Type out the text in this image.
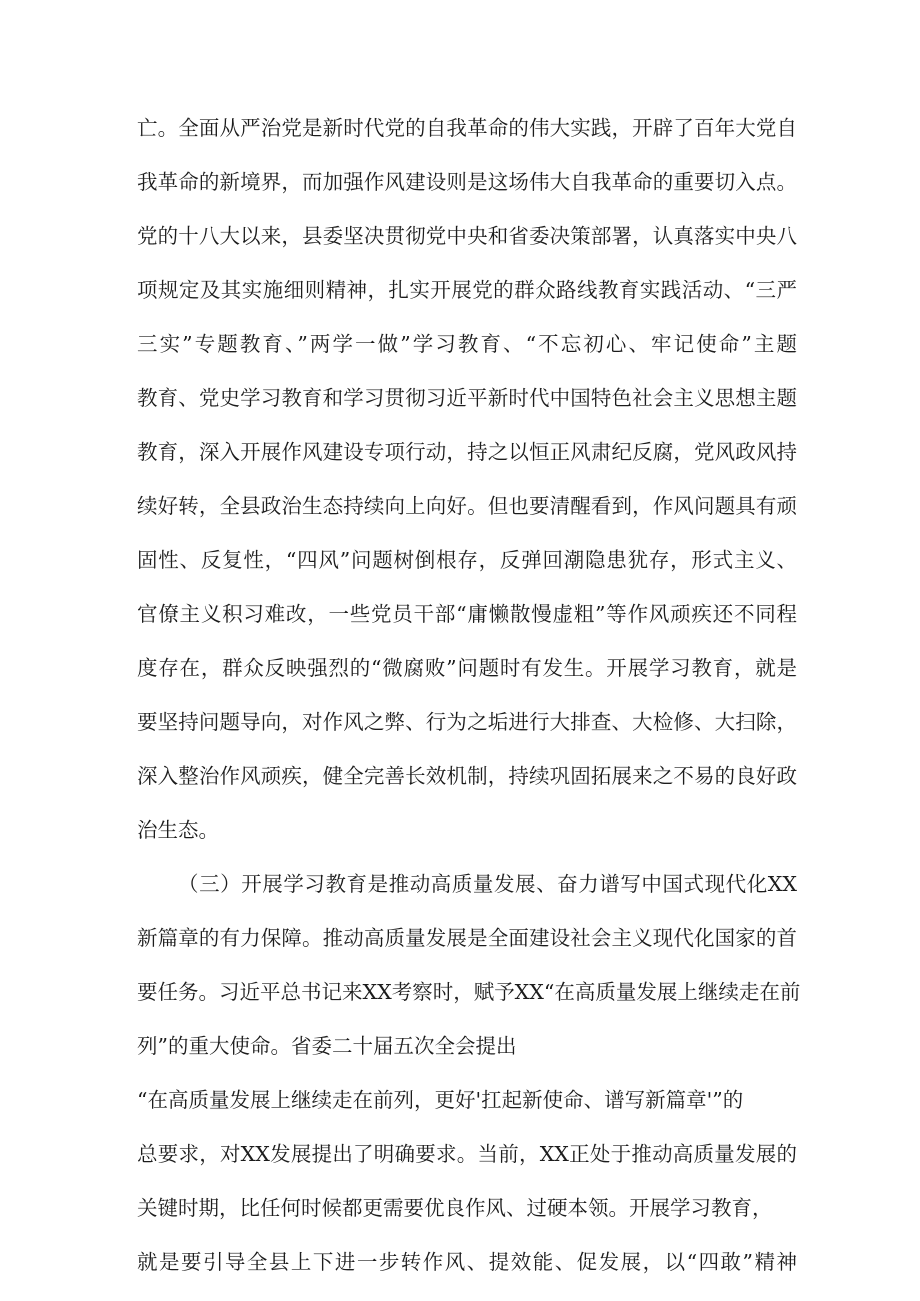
亡。全面从严治党是新时代党的自我革命的伟大实践，开辟了百年大党自
我革命的新境界，而加强作风建设则是这场伟大自我革命的重要切入点。
党的十八大以来，县委坚决贯彻党中央和省委决策部署，认真落实中央八
项规定及其实施细则精神，扎实开展党的群众路线教育实践活动、“三严
三实”专题教育、”两学一做”学习教育、“不忘初心、牢记使命”主题
教育、党史学习教育和学习贯彻习近平新时代中国特色社会主义思想主题
教育，深入开展作风建设专项行动，持之以恒正风肃纪反腐，党风政风持
续好转，全县政治生态持续向上向好。但也要清醒看到，作风问题具有顽
固性、反复性，“四风”问题树倒根存，反弹回潮隐患犹存，形式主义、
官僚主义积习难改，一些党员干部“庸懒散慢虚粗”等作风顽疾还不同程
度存在，群众反映强烈的“微腐败”问题时有发生。开展学习教育，就是
要坚持问题导向，对作风之弊、行为之垢进行大排查、大检修、大扫除，
深入整治作风顽疾，健全完善长效机制，持续巩固拓展来之不易的良好政
治生态。
（三）开展学习教育是推动高质量发展、奋力谱写中国式现代化XX
新篇章的有力保障。推动高质量发展是全面建设社会主义现代化国家的首
要任务。习近平总书记来XX考察时，赋予XX“在高质量发展上继续走在前
列”的重大使命。省委二十届五次全会提出
“在高质量发展上继续走在前列，更好'扛起新使命、谱写新篇章'”的
总要求，对XX发展提出了明确要求。当前，XX正处于推动高质量发展的
关键时期，比任何时候都更需要优良作风、过硬本领。开展学习教育，
就是要引导全县上下进一步转作风、提效能、促发展，以“四敢”精神
